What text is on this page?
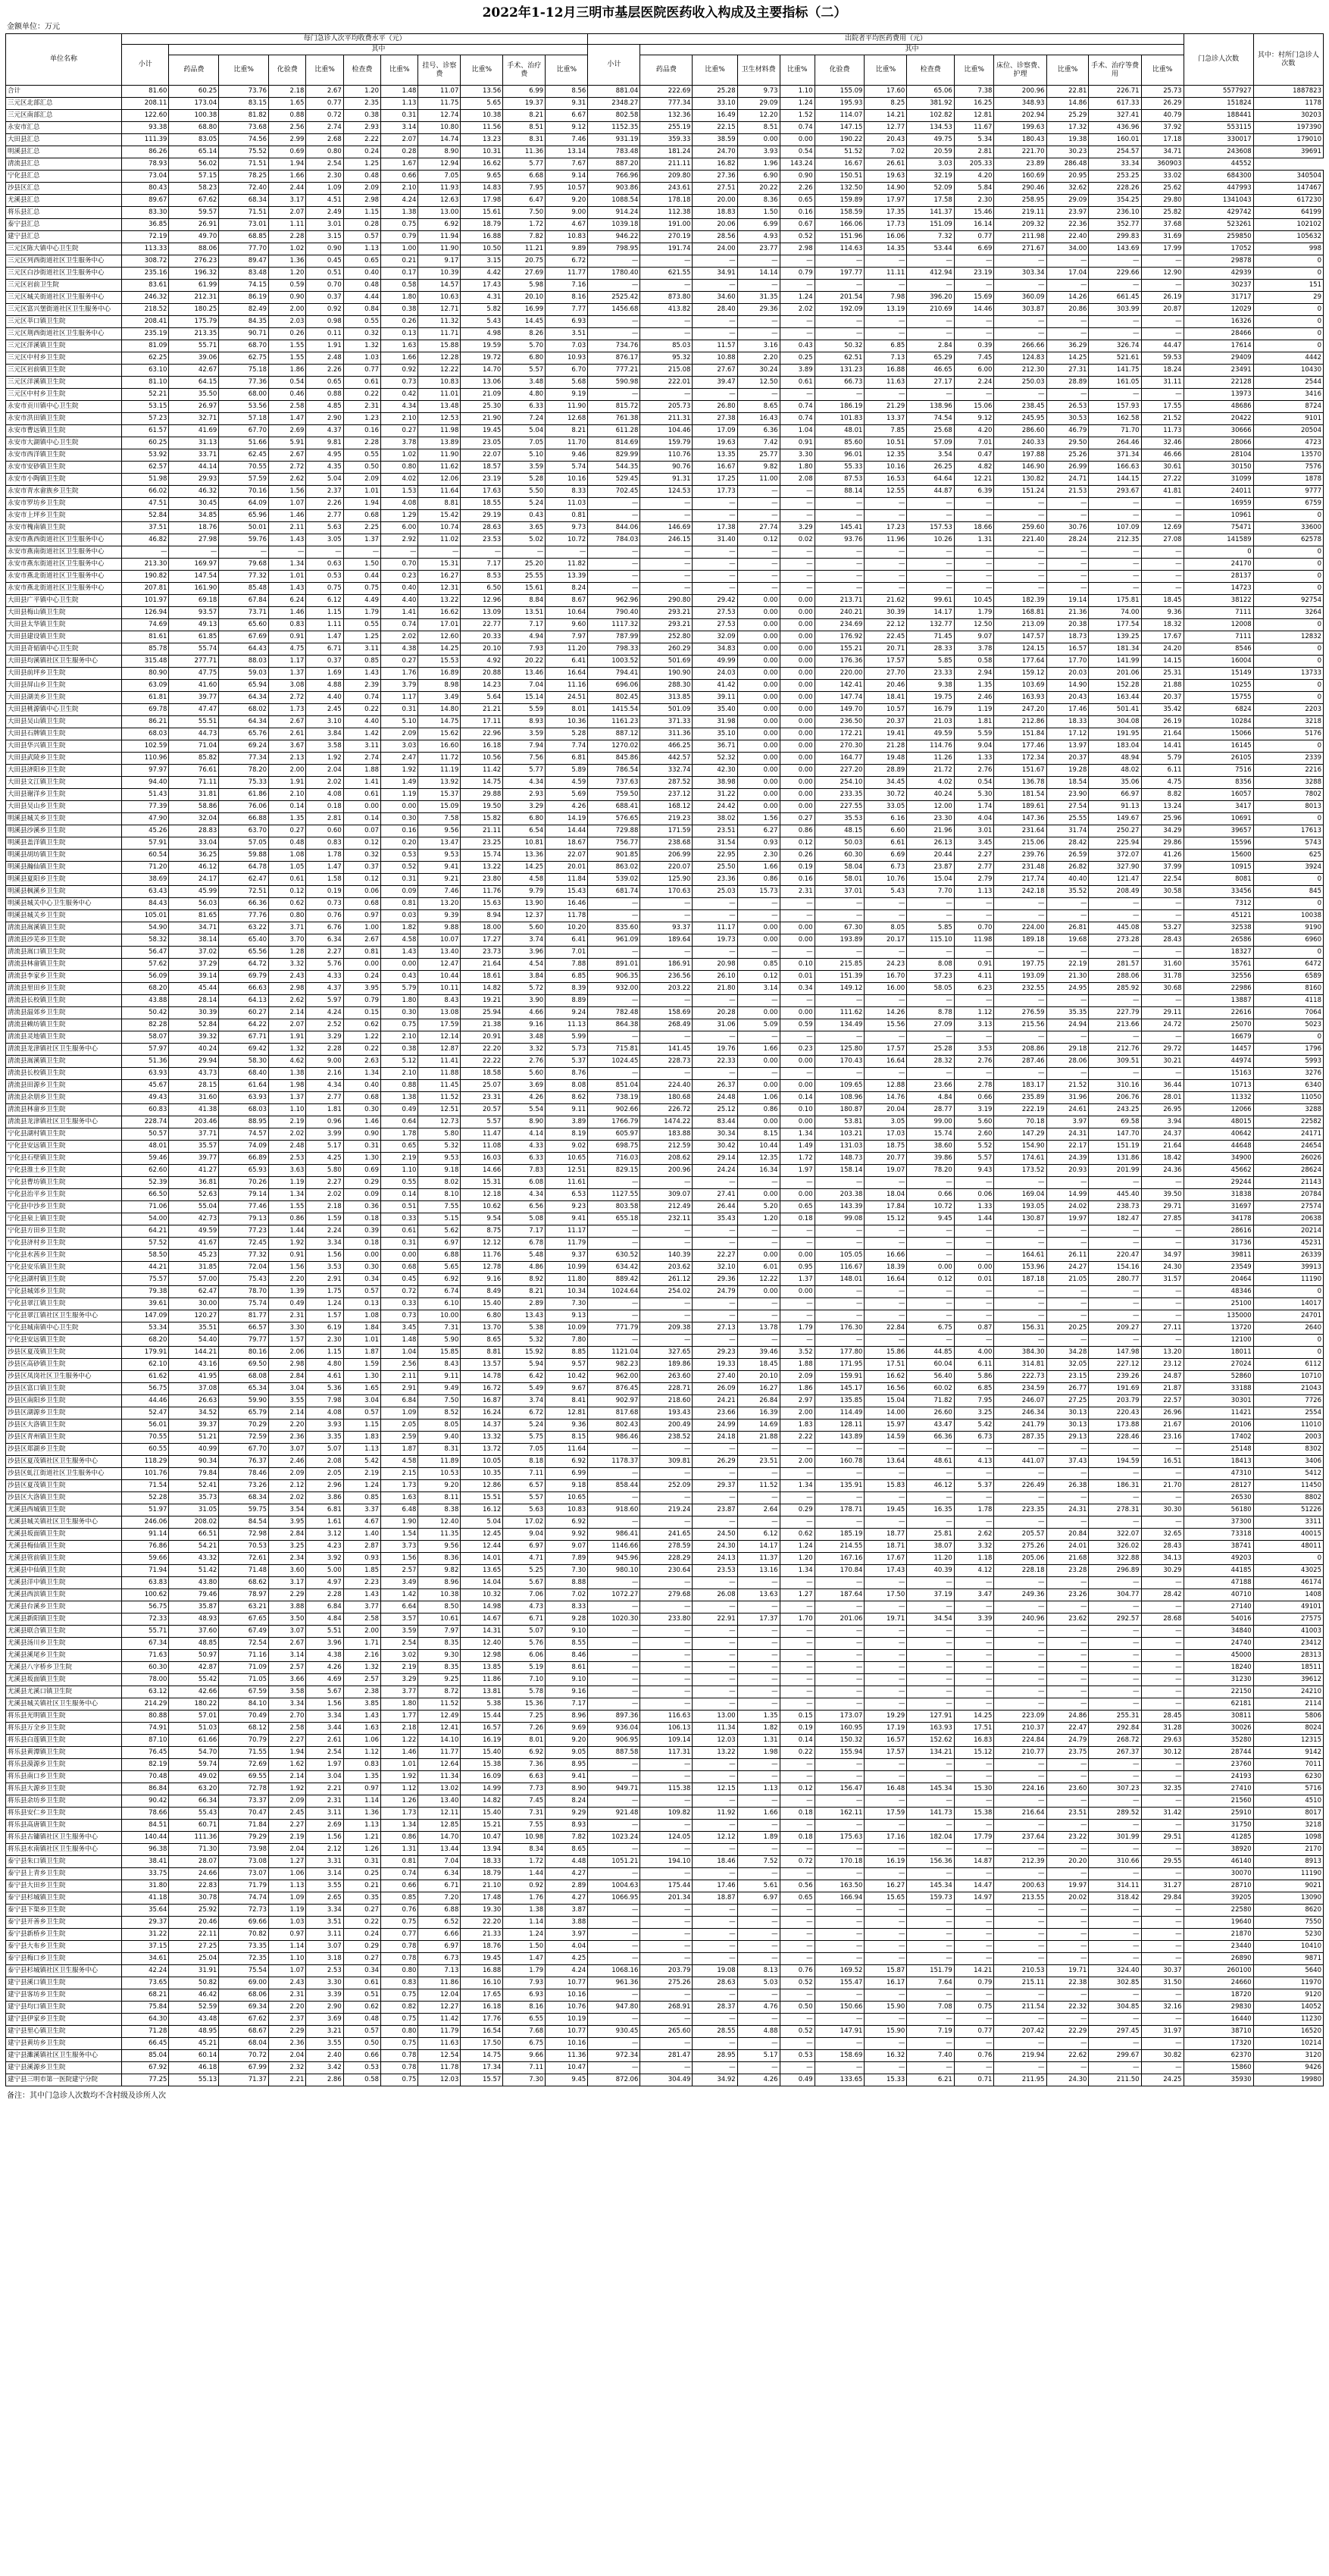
2022年1-12月三明市基层医院医药收入构成及主要指标（二）
金额单位：万元
单位名称	每门急诊人次平均收费水平（元）											出院者平均医药费用（元）													门急诊人次数	其中：村所门急诊人次数
	小计	其中										小计	其中													
		药品费	比重%	化验费	比重%	检查费	比重%	挂号、诊察费	比重%	手术、治疗费	比重%		药品费	比重%	卫生材料费	比重%	化验费	比重%	检查费	比重%	床位、诊察费、护理	比重%	手术、治疗等费用	比重%		
合计	81.60	60.25	73.76	2.18	2.67	1.20	1.48	11.07	13.56	6.99	8.56	881.04	222.69	25.28	9.73	1.10	155.09	17.60	65.06	7.38	200.96	22.81	226.71	25.73	5577927	1887823
三元区北部汇总	208.11	173.04	83.15	1.65	0.77	2.35	1.13	11.75	5.65	19.37	9.31	2348.27	777.34	33.10	29.09	1.24	195.93	8.25	381.92	16.25	348.93	14.86	617.33	26.29	151824	1178
三元区南部汇总	122.60	100.38	81.82	0.88	0.72	0.38	0.31	12.74	10.38	8.21	6.67	802.58	132.36	16.49	12.20	1.52	114.07	14.21	102.82	12.81	202.94	25.29	327.41	40.79	188441	30203
永安市汇总	93.38	68.80	73.68	2.56	2.74	2.93	3.14	10.80	11.56	8.51	9.12	1152.35	255.19	22.15	8.51	0.74	147.15	12.77	134.53	11.67	199.63	17.32	436.96	37.92	553115	197390
大田县汇总	111.39	83.05	74.56	2.99	2.68	2.22	2.07	14.74	13.23	8.31	7.46	931.19	359.33	38.59	0.00	0.00	190.22	20.43	49.75	5.34	180.43	19.38	160.01	17.18	330017	179010
明溪县汇总	86.26	65.14	75.52	0.69	0.80	0.24	0.28	8.90	10.31	11.36	13.14	783.48	181.24	24.70	3.93	0.54	51.52	7.02	20.59	2.81	221.70	30.23	254.57	34.71	243608	39691
清流县汇总	78.93	56.02	71.51	1.94	2.54	1.25	1.67	12.94	16.62	5.77	7.67	887.20	211.11	16.82	1.96	143.24	16.67	26.61	3.03	205.33	23.89	286.48	33.34	360903	44552	
宁化县汇总	73.04	57.15	78.25	1.66	2.30	0.48	0.66	7.05	9.65	6.68	9.14	766.96	209.80	27.36	6.90	0.90	150.51	19.63	32.19	4.20	160.69	20.95	253.25	33.02	684300	340504
沙县区汇总	80.43	58.23	72.40	2.44	1.09	2.09	2.10	11.93	14.83	7.95	10.57	903.86	243.61	27.51	20.22	2.26	132.50	14.90	52.09	5.84	290.46	32.62	228.26	25.62	447993	147467
尤溪县汇总	89.67	67.62	68.34	3.17	4.51	2.98	4.24	12.63	17.98	6.47	9.20	1088.54	178.18	20.00	8.36	0.65	159.89	17.97	17.58	2.30	258.95	29.09	354.25	29.80	1341043	617230
将乐县汇总	83.30	59.57	71.51	2.07	2.49	1.15	1.38	13.00	15.61	7.50	9.00	914.24	112.38	18.83	1.50	0.16	158.59	17.35	141.37	15.46	219.11	23.97	236.10	25.82	429742	64199
泰宁县汇总	36.85	26.91	73.01	1.11	3.01	0.28	0.75	6.92	18.79	1.72	4.67	1039.18	191.00	20.06	6.99	0.67	166.06	17.73	151.09	16.14	209.32	22.36	352.77	37.68	523261	102102
建宁县汇总	72.19	49.70	68.85	2.28	3.15	0.57	0.79	11.94	16.88	7.82	10.83	946.22	270.19	28.56	4.93	0.52	151.96	16.06	7.32	0.77	211.98	22.40	299.83	31.69	259850	105632
三元区陈大镇中心卫生院	113.33	88.06	77.70	1.02	0.90	1.13	1.00	11.90	10.50	11.21	9.89	798.95	191.74	24.00	23.77	2.98	114.63	14.35	53.44	6.69	271.67	34.00	143.69	17.99	17052	998
三元区列西街道社区卫生服务中心	308.72	276.23	89.47	1.36	0.45	0.65	0.21	9.17	3.15	20.75	6.72	—	—	—	—	—	—	—	—	—	—	—	—	—	29878	0
三元区白沙街道社区卫生服务中心	235.16	196.32	83.48	1.20	0.51	0.40	0.17	10.39	4.42	27.69	11.77	1780.40	621.55	34.91	14.14	0.79	197.77	11.11	412.94	23.19	303.34	17.04	229.66	12.90	42939	0
三元区岩前卫生院	83.61	61.99	74.15	0.59	0.70	0.48	0.58	14.57	17.43	5.98	7.16	—	—	—	—	—	—	—	—	—	—	—	—	—	30237	151
三元区城关街道社区卫生服务中心	246.32	212.31	86.19	0.90	0.37	4.44	1.80	10.63	4.31	20.10	8.16	2525.42	873.80	34.60	31.35	1.24	201.54	7.98	396.20	15.69	360.09	14.26	661.45	26.19	31717	29
三元区富兴堡街道社区卫生服务中心	218.52	180.25	82.49	2.00	0.92	0.84	0.38	12.71	5.82	16.99	7.77	1456.68	413.82	28.40	29.36	2.02	192.09	13.19	210.69	14.46	303.87	20.86	303.99	20.87	12029	0
三元区莘口镇卫生院	208.41	175.79	84.35	2.03	0.98	0.55	0.26	11.32	5.43	14.45	6.93	—	—	—	—	—	—	—	—	—	—	—	—	—	16326	0
三元区荆西街道社区卫生服务中心	235.19	213.35	90.71	0.26	0.11	0.32	0.13	11.71	4.98	8.26	3.51	—	—	—	—	—	—	—	—	—	—	—	—	—	28466	0
三元区洋溪镇卫生院	81.09	55.71	68.70	1.55	1.91	1.32	1.63	15.88	19.59	5.70	7.03	734.76	85.03	11.57	3.16	0.43	50.32	6.85	2.84	0.39	266.66	36.29	326.74	44.47	17614	0
三元区中村乡卫生院	62.25	39.06	62.75	1.55	2.48	1.03	1.66	12.28	19.72	6.80	10.93	876.17	95.32	10.88	2.20	0.25	62.51	7.13	65.29	7.45	124.83	14.25	521.61	59.53	29409	4442
三元区岩前镇卫生院	63.10	42.67	75.18	1.86	2.26	0.77	0.92	12.22	14.70	5.57	6.70	777.21	215.08	27.67	30.24	3.89	131.23	16.88	46.65	6.00	212.30	27.31	141.75	18.24	23491	10430
三元区洋溪镇卫生院	81.10	64.15	77.36	0.54	0.65	0.61	0.73	10.83	13.06	3.48	5.68	590.98	222.01	39.47	12.50	0.61	66.73	11.63	27.17	2.24	250.03	28.89	161.05	31.11	22128	2544
三元区中村乡卫生院	52.21	35.50	68.00	0.46	0.88	0.22	0.42	11.01	21.09	4.80	9.19	—	—	—	—	—	—	—	—	—	—	—	—	—	13973	3416
永安市贡川镇中心卫生院	53.15	26.97	53.56	2.58	4.85	2.31	4.34	13.48	25.30	6.33	11.90	815.72	205.73	26.80	8.65	0.74	186.19	21.29	138.96	15.06	238.45	26.53	157.93	17.55	48686	8724
永安市洪田镇卫生院	57.23	32.71	57.18	1.47	2.90	1.23	2.10	12.53	21.90	7.24	12.68	761.38	211.31	27.38	16.43	0.74	101.83	13.37	74.54	9.12	245.95	30.53	162.58	21.52	20422	9101
永安市曹远镇卫生院	61.57	41.69	67.70	2.69	4.37	0.16	0.27	11.98	19.45	5.04	8.21	611.28	104.46	17.09	6.36	1.04	48.01	7.85	25.68	4.20	286.60	46.79	71.70	11.73	30666	20504
永安市大湖镇中心卫生院	60.25	31.13	51.66	5.91	9.81	2.28	3.78	13.89	23.05	7.05	11.70	814.69	159.79	19.63	7.42	0.91	85.60	10.51	57.09	7.01	240.33	29.50	264.46	32.46	28066	4723
永安市西洋镇卫生院	53.92	33.71	62.45	2.67	4.95	0.55	1.02	11.90	22.07	5.10	9.46	829.99	110.76	13.35	25.77	3.30	96.01	12.35	3.54	0.47	197.88	25.26	371.34	46.66	28104	13570
永安市安砂镇卫生院	62.57	44.14	70.55	2.72	4.35	0.50	0.80	11.62	18.57	3.59	5.74	544.35	90.76	16.67	9.82	1.80	55.33	10.16	26.25	4.82	146.90	26.99	166.63	30.61	30150	7576
永安市小陶镇卫生院	51.98	29.93	57.59	2.62	5.04	2.09	4.02	12.06	23.19	5.28	10.16	529.45	91.31	17.25	11.00	2.08	87.53	16.53	64.64	12.21	130.82	24.71	144.15	27.22	31099	1878
永安市青水畲族乡卫生院	66.02	46.32	70.16	1.56	2.37	1.01	1.53	11.64	17.63	5.50	8.33	702.45	124.53	17.73	—	—	88.14	12.55	44.87	6.39	151.24	21.53	293.67	41.81	24011	9777
永安市罗坊乡卫生院	47.51	30.45	64.09	1.07	2.26	1.94	4.08	8.81	18.55	5.24	11.03	—	—	—	—	—	—	—	—	—	—	—	—	—	16959	6759
永安市上坪乡卫生院	52.84	34.85	65.96	1.46	2.77	0.68	1.29	15.42	29.19	0.43	0.81	—	—	—	—	—	—	—	—	—	—	—	—	—	10961	0
永安市槐南镇卫生院	37.51	18.76	50.01	2.11	5.63	2.25	6.00	10.74	28.63	3.65	9.73	844.06	146.69	17.38	27.74	3.29	145.41	17.23	157.53	18.66	259.60	30.76	107.09	12.69	75471	33600
永安市燕西街道社区卫生服务中心	46.82	27.98	59.76	1.43	3.05	1.37	2.92	11.02	23.53	5.02	10.72	784.03	246.15	31.40	0.12	0.02	93.76	11.96	10.26	1.31	221.40	28.24	212.35	27.08	141589	62578
永安市燕南街道社区卫生服务中心	—	—	—	—	—	—	—	—	—	—	—	—	—	—	—	—	—	—	—	—	—	—	—	—	0	0
永安市燕东街道社区卫生服务中心	213.30	169.97	79.68	1.34	0.63	1.50	0.70	15.31	7.17	25.20	11.82	—	—	—	—	—	—	—	—	—	—	—	—	—	24170	0
永安市燕北街道社区卫生服务中心	190.82	147.54	77.32	1.01	0.53	0.44	0.23	16.27	8.53	25.55	13.39	—	—	—	—	—	—	—	—	—	—	—	—	—	28137	0
永安市燕北街道社区卫生服务中心	207.81	161.90	85.48	1.43	0.75	0.75	0.40	12.31	6.50	15.61	8.24	—	—	—	—	—	—	—	—	—	—	—	—	—	14723	0
大田县广平镇中心卫生院	101.97	69.18	67.84	6.24	6.12	4.49	4.40	13.22	12.96	8.84	8.67	962.96	290.80	29.42	0.00	0.00	213.71	21.62	99.61	10.45	182.39	19.14	175.81	18.45	38122	92754
大田县梅山镇卫生院	126.94	93.57	73.71	1.46	1.15	1.79	1.41	16.62	13.09	13.51	10.64	790.40	293.21	27.53	0.00	0.00	240.21	30.39	14.17	1.79	168.81	21.36	74.00	9.36	7111	3264
大田县太华镇卫生院	74.69	49.13	65.60	0.83	1.11	0.55	0.74	17.01	22.77	7.17	9.60	1117.32	293.21	27.53	0.00	0.00	234.69	22.12	132.77	12.50	213.09	20.38	177.54	18.32	12008	0
大田县建设镇卫生院	81.61	61.85	67.69	0.91	1.47	1.25	2.02	12.60	20.33	4.94	7.97	787.99	252.80	32.09	0.00	0.00	176.92	22.45	71.45	9.07	147.57	18.73	139.25	17.67	7111	12832
大田县奇韬镇中心卫生院	85.78	55.74	64.43	4.75	6.71	3.11	4.38	14.25	20.10	7.93	11.20	798.33	260.29	34.83	0.00	0.00	155.21	20.71	28.33	3.78	124.15	16.57	181.34	24.20	8546	0
大田县均溪镇社区卫生服务中心	315.48	277.71	88.03	1.17	0.37	0.85	0.27	15.53	4.92	20.22	6.41	1003.52	501.69	49.99	0.00	0.00	176.36	17.57	5.85	0.58	177.64	17.70	141.99	14.15	16004	0
大田县前坪乡卫生院	80.90	47.75	59.03	1.37	1.69	1.43	1.76	16.89	20.88	13.46	16.64	794.41	190.90	24.03	0.00	0.00	220.00	27.70	23.33	2.94	159.12	20.03	201.06	25.31	15149	13733
大田县屏山乡卫生院	63.09	41.60	65.94	3.08	4.88	2.39	3.79	8.98	14.23	7.04	11.16	696.06	288.30	41.42	0.00	0.00	142.41	20.46	9.38	1.35	103.69	14.90	152.28	21.88	10255	0
大田县湖美乡卫生院	61.81	39.77	64.34	2.72	4.40	0.74	1.17	3.49	5.64	15.14	24.51	802.45	313.85	39.11	0.00	0.00	147.74	18.41	19.75	2.46	163.93	20.43	163.44	20.37	15755	0
大田县桃源镇中心卫生院	69.78	47.47	68.02	1.73	2.45	0.22	0.31	14.80	21.21	5.59	8.01	1415.54	501.09	35.40	0.00	0.00	149.70	10.57	16.79	1.19	247.20	17.46	501.41	35.42	6824	2203
大田县吴山镇卫生院	86.21	55.51	64.34	2.67	3.10	4.40	5.10	14.75	17.11	8.93	10.36	1161.23	371.33	31.98	0.00	0.00	236.50	20.37	21.03	1.81	212.86	18.33	304.08	26.19	10284	3218
大田县石牌镇卫生院	68.03	44.73	65.76	2.61	3.84	1.42	2.09	15.62	22.96	3.59	5.28	887.12	311.36	35.10	0.00	0.00	172.21	19.41	49.59	5.59	151.84	17.12	191.95	21.64	15066	5176
大田县华兴镇卫生院	102.59	71.04	69.24	3.67	3.58	3.11	3.03	16.60	16.18	7.94	7.74	1270.02	466.25	36.71	0.00	0.00	270.30	21.28	114.76	9.04	177.46	13.97	183.04	14.41	16145	0
大田县武陵乡卫生院	110.96	85.82	77.34	2.13	1.92	2.74	2.47	11.72	10.56	7.56	6.81	845.86	442.57	52.32	0.00	0.00	164.77	19.48	11.26	1.33	172.34	20.37	48.94	5.79	26105	2339
大田县济阳乡卫生院	97.97	76.61	78.20	2.00	2.04	1.88	1.92	11.19	11.42	5.77	5.89	786.54	332.74	42.30	0.00	0.00	227.20	28.89	21.72	2.76	151.67	19.28	48.02	6.11	7516	2216
大田县文江镇卫生院	94.40	71.11	75.33	1.91	2.02	1.41	1.49	13.92	14.75	4.34	4.59	737.63	287.52	38.98	0.00	0.00	254.10	34.45	4.02	0.54	136.78	18.54	35.06	4.75	8356	3288
大田县谢洋乡卫生院	51.43	31.81	61.86	2.10	4.08	0.61	1.19	15.37	29.88	2.93	5.69	759.50	237.12	31.22	0.00	0.00	233.35	30.72	40.24	5.30	181.54	23.90	66.97	8.82	16057	7802
大田县吴山乡卫生院	77.39	58.86	76.06	0.14	0.18	0.00	0.00	15.09	19.50	3.29	4.26	688.41	168.12	24.42	0.00	0.00	227.55	33.05	12.00	1.74	189.61	27.54	91.13	13.24	3417	8013
明溪县城关乡卫生院	47.90	32.04	66.88	1.35	2.81	0.14	0.30	7.58	15.82	6.80	14.19	576.65	219.23	38.02	1.56	0.27	35.53	6.16	23.30	4.04	147.36	25.55	149.67	25.96	10691	0
明溪县沙溪乡卫生院	45.26	28.83	63.70	0.27	0.60	0.07	0.16	9.56	21.11	6.54	14.44	729.88	171.59	23.51	6.27	0.86	48.15	6.60	21.96	3.01	231.64	31.74	250.27	34.29	39657	17613
明溪县盖洋镇卫生院	57.91	33.04	57.05	0.48	0.83	0.12	0.20	13.47	23.25	10.81	18.67	756.77	238.68	31.54	0.93	0.12	50.03	6.61	26.13	3.45	215.06	28.42	225.94	29.86	15596	5743
明溪县胡坊镇卫生院	60.54	36.25	59.88	1.08	1.78	0.32	0.53	9.53	15.74	13.36	22.07	901.85	206.99	22.95	2.30	0.26	60.30	6.69	20.44	2.27	239.76	26.59	372.07	41.26	15600	625
明溪县瀚仙镇卫生院	71.20	46.12	64.78	1.05	1.47	0.37	0.52	9.41	13.22	14.25	20.01	863.02	220.07	25.50	1.66	0.19	58.04	6.73	23.87	2.77	231.48	26.82	327.90	37.99	10915	3924
明溪县夏阳乡卫生院	38.69	24.17	62.47	0.61	1.58	0.12	0.31	9.21	23.80	4.58	11.84	539.02	125.90	23.36	0.86	0.16	58.01	10.76	15.04	2.79	217.74	40.40	121.47	22.54	8081	0
明溪县枫溪乡卫生院	63.43	45.99	72.51	0.12	0.19	0.06	0.09	7.46	11.76	9.79	15.43	681.74	170.63	25.03	15.73	2.31	37.01	5.43	7.70	1.13	242.18	35.52	208.49	30.58	33456	845
明溪县城关中心卫生服务中心	84.43	56.03	66.36	0.62	0.73	0.68	0.81	13.20	15.63	13.90	16.46	—	—	—	—	—	—	—	—	—	—	—	—	—	7312	0
明溪县城关乡卫生院	105.01	81.65	77.76	0.80	0.76	0.97	0.03	9.39	8.94	12.37	11.78	—	—	—	—	—	—	—	—	—	—	—	—	—	45121	10038
清流县嵩溪镇卫生院	54.90	34.71	63.22	3.71	6.76	1.00	1.82	9.88	18.00	5.60	10.20	835.60	93.37	11.17	0.00	0.00	67.30	8.05	5.85	0.70	224.00	26.81	445.08	53.27	32538	9190
清流县沙芜乡卫生院	58.32	38.14	65.40	3.70	6.34	2.67	4.58	10.07	17.27	3.74	6.41	961.09	189.64	19.73	0.00	0.00	193.89	20.17	115.10	11.98	189.18	19.68	273.28	28.43	26586	6960
清流县嵩口镇卫生院	56.47	37.02	65.56	1.28	2.27	0.81	1.43	13.40	23.73	3.96	7.01	—	—	—	—	—	—	—	—	—	—	—	—	—	18327	0
清流县林畲镇卫生院	57.62	37.29	64.72	3.32	5.76	0.00	0.00	12.47	21.64	4.54	7.88	891.01	186.91	20.98	0.85	0.10	215.85	24.23	8.08	0.91	197.75	22.19	281.57	31.60	35761	6472
清流县李家乡卫生院	56.09	39.14	69.79	2.43	4.33	0.24	0.43	10.44	18.61	3.84	6.85	906.35	236.56	26.10	0.12	0.01	151.39	16.70	37.23	4.11	193.09	21.30	288.06	31.78	32556	6589
清流县里田乡卫生院	68.20	45.44	66.63	2.98	4.37	3.95	5.79	10.11	14.82	5.72	8.39	932.00	203.22	21.80	3.14	0.34	149.12	16.00	58.05	6.23	232.55	24.95	285.92	30.68	22986	8160
清流县长校镇卫生院	43.88	28.14	64.13	2.62	5.97	0.79	1.80	8.43	19.21	3.90	8.89	—	—	—	—	—	—	—	—	—	—	—	—	—	13887	4118
清流县温郊乡卫生院	50.42	30.39	60.27	2.14	4.24	0.15	0.30	13.08	25.94	4.66	9.24	782.48	158.69	20.28	0.00	0.00	111.62	14.26	8.78	1.12	276.59	35.35	227.79	29.11	22616	7064
清流县赖坊镇卫生院	82.28	52.84	64.22	2.07	2.52	0.62	0.75	17.59	21.38	9.16	11.13	864.38	268.49	31.06	5.09	0.59	134.49	15.56	27.09	3.13	215.56	24.94	213.66	24.72	25070	5023
清流县灵地镇卫生院	58.07	39.32	67.71	1.91	3.29	1.22	2.10	12.14	20.91	3.48	5.99	—	—	—	—	—	—	—	—	—	—	—	—	—	16679	0
清流县龙津镇社区卫生服务中心	57.97	40.24	69.42	1.32	2.28	0.22	0.38	12.87	22.20	3.32	5.73	715.81	141.45	19.76	1.66	0.23	125.80	17.57	25.28	3.53	208.86	29.18	212.76	29.72	14457	1796
清流县嵩溪镇卫生院	51.36	29.94	58.30	4.62	9.00	2.63	5.12	11.41	22.22	2.76	5.37	1024.45	228.73	22.33	0.00	0.00	170.43	16.64	28.32	2.76	287.46	28.06	309.51	30.21	44974	5993
清流县长校镇卫生院	63.93	43.73	68.40	1.38	2.16	1.34	2.10	11.88	18.58	5.60	8.76	—	—	—	—	—	—	—	—	—	—	—	—	—	15163	3276
清流县田源乡卫生院	45.67	28.15	61.64	1.98	4.34	0.40	0.88	11.45	25.07	3.69	8.08	851.04	224.40	26.37	0.00	0.00	109.65	12.88	23.66	2.78	183.17	21.52	310.16	36.44	10713	6340
清流县余朋乡卫生院	49.43	31.60	63.93	1.37	2.77	0.68	1.38	11.52	23.31	4.26	8.62	738.19	180.68	24.48	1.06	0.14	108.96	14.76	4.84	0.66	235.89	31.96	206.76	28.01	11332	11050
清流县林畲乡卫生院	60.83	41.38	68.03	1.10	1.81	0.30	0.49	12.51	20.57	5.54	9.11	902.66	226.72	25.12	0.86	0.10	180.87	20.04	28.77	3.19	222.19	24.61	243.25	26.95	12066	3288
清流县龙津镇社区卫生服务中心	228.74	203.46	88.95	2.19	0.96	1.46	0.64	12.73	5.57	8.90	3.89	1766.79	1474.22	83.44	0.00	0.00	53.81	3.05	99.00	5.60	70.18	3.97	69.58	3.94	48015	22582
宁化县湖村镇卫生院	50.57	37.71	74.57	2.02	3.99	0.90	1.78	5.80	11.47	4.14	8.19	605.97	183.88	30.34	8.15	1.34	103.21	17.03	15.74	2.60	147.29	24.31	147.70	24.37	40642	24171
宁化县安远镇卫生院	48.01	35.57	74.09	2.48	5.17	0.31	0.65	5.32	11.08	4.33	9.02	698.75	212.59	30.42	10.44	1.49	131.03	18.75	38.60	5.52	154.90	22.17	151.19	21.64	44648	24654
宁化县石壁镇卫生院	59.46	39.77	66.89	2.53	4.25	1.30	2.19	9.53	16.03	6.33	10.65	716.03	208.62	29.14	12.35	1.72	148.73	20.77	39.86	5.57	174.61	24.39	131.86	18.42	34900	26026
宁化县淮土乡卫生院	62.60	41.27	65.93	3.63	5.80	0.69	1.10	9.18	14.66	7.83	12.51	829.15	200.96	24.24	16.34	1.97	158.14	19.07	78.20	9.43	173.52	20.93	201.99	24.36	45662	28624
宁化县曹坊镇卫生院	52.39	36.81	70.26	1.19	2.27	0.29	0.55	8.02	15.31	6.08	11.61	—	—	—	—	—	—	—	—	—	—	—	—	—	29244	21143
宁化县治平乡卫生院	66.50	52.63	79.14	1.34	2.02	0.09	0.14	8.10	12.18	4.34	6.53	1127.55	309.07	27.41	0.00	0.00	203.38	18.04	0.66	0.06	169.04	14.99	445.40	39.50	31838	20784
宁化县中沙乡卫生院	71.06	55.04	77.46	1.55	2.18	0.36	0.51	7.55	10.62	6.56	9.23	803.58	212.49	26.44	5.20	0.65	143.39	17.84	10.72	1.33	193.05	24.02	238.73	29.71	31697	27574
宁化县泉上镇卫生院	54.00	42.73	79.13	0.86	1.59	0.18	0.33	5.15	9.54	5.08	9.41	655.18	232.11	35.43	1.20	0.18	99.08	15.12	9.45	1.44	130.87	19.97	182.47	27.85	34178	20638
宁化县方田乡卫生院	64.21	49.59	77.23	1.44	2.24	0.39	0.61	5.62	8.75	7.17	11.17	—	—	—	—	—	—	—	—	—	—	—	—	—	28616	20214
宁化县济村乡卫生院	57.52	41.67	72.45	1.92	3.34	0.18	0.31	6.97	12.12	6.78	11.79	—	—	—	—	—	—	—	—	—	—	—	—	—	31736	45231
宁化县水茜乡卫生院	58.50	45.23	77.32	0.91	1.56	0.00	0.00	6.88	11.76	5.48	9.37	630.52	140.39	22.27	0.00	0.00	105.05	16.66	—	—	164.61	26.11	220.47	34.97	39811	26339
宁化县安乐镇卫生院	44.21	31.85	72.04	1.56	3.53	0.30	0.68	5.65	12.78	4.86	10.99	634.42	203.62	32.10	6.01	0.95	116.67	18.39	0.00	0.00	153.96	24.27	154.16	24.30	23549	39913
宁化县湖村镇卫生院	75.57	57.00	75.43	2.20	2.91	0.34	0.45	6.92	9.16	8.92	11.80	889.42	261.12	29.36	12.22	1.37	148.01	16.64	0.12	0.01	187.18	21.05	280.77	31.57	20464	11190
宁化县城郊乡卫生院	79.38	62.47	78.70	1.39	1.75	0.57	0.72	6.74	8.49	8.21	10.34	1024.64	254.02	24.79	0.00	0.00	—	—	—	—	—	—	—	—	48346	0
宁化县翠江镇卫生院	39.61	30.00	75.74	0.49	1.24	0.13	0.33	6.10	15.40	2.89	7.30	—	—	—	—	—	—	—	—	—	—	—	—	—	25100	14017
宁化县翠江镇社区卫生服务中心	147.09	120.27	81.77	2.31	1.57	1.08	0.73	10.00	6.80	13.43	9.13	—	—	—	—	—	—	—	—	—	—	—	—	—	135000	24701
宁化县城南镇中心卫生院	53.34	35.51	66.57	3.30	6.19	1.84	3.45	7.31	13.70	5.38	10.09	771.79	209.38	27.13	13.78	1.79	176.30	22.84	6.75	0.87	156.31	20.25	209.27	27.11	13720	2640
宁化县安远镇卫生院	68.20	54.40	79.77	1.57	2.30	1.01	1.48	5.90	8.65	5.32	7.80	—	—	—	—	—	—	—	—	—	—	—	—	—	12100	0
沙县区夏茂镇卫生院	179.91	144.21	80.16	2.06	1.15	1.87	1.04	15.85	8.81	15.92	8.85	1121.04	327.65	29.23	39.46	3.52	177.80	15.86	44.85	4.00	384.30	34.28	147.98	13.20	18011	0
沙县区高砂镇卫生院	62.10	43.16	69.50	2.98	4.80	1.59	2.56	8.43	13.57	5.94	9.57	982.23	189.86	19.33	18.45	1.88	171.95	17.51	60.04	6.11	314.81	32.05	227.12	23.12	27024	6112
沙县区凤岗社区卫生服务中心	61.62	41.95	68.08	2.84	4.61	1.30	2.11	9.11	14.78	6.42	10.42	962.00	263.60	27.40	20.10	2.09	159.91	16.62	56.40	5.86	222.73	23.15	239.26	24.87	52860	10710
沙县区富口镇卫生院	56.75	37.08	65.34	3.04	5.36	1.65	2.91	9.49	16.72	5.49	9.67	876.45	228.71	26.09	16.27	1.86	145.17	16.56	60.02	6.85	234.59	26.77	191.69	21.87	33188	21043
沙县区南阳乡卫生院	44.46	26.63	59.90	3.55	7.98	3.04	6.84	7.50	16.87	3.74	8.41	902.97	218.60	24.21	26.84	2.97	135.85	15.04	71.82	7.95	246.07	27.25	203.79	22.57	30301	7726
沙县区湖源乡卫生院	52.47	34.52	65.79	2.14	4.08	0.57	1.09	8.52	16.24	6.72	12.81	817.68	193.43	23.66	16.39	2.00	114.49	14.00	26.60	3.25	246.34	30.13	220.43	26.96	11421	2554
沙县区大洛镇卫生院	56.01	39.37	70.29	2.20	3.93	1.15	2.05	8.05	14.37	5.24	9.36	802.43	200.49	24.99	14.69	1.83	128.11	15.97	43.47	5.42	241.79	30.13	173.88	21.67	20106	11010
沙县区青州镇卫生院	70.55	51.21	72.59	2.36	3.35	1.83	2.59	9.40	13.32	5.75	8.15	986.46	238.52	24.18	21.88	2.22	143.89	14.59	66.36	6.73	287.35	29.13	228.46	23.16	17402	2003
沙县区郑湖乡卫生院	60.55	40.99	67.70	3.07	5.07	1.13	1.87	8.31	13.72	7.05	11.64	—	—	—	—	—	—	—	—	—	—	—	—	—	25148	8302
沙县区夏茂镇社区卫生服务中心	118.29	90.34	76.37	2.46	2.08	5.42	4.58	11.89	10.05	8.18	6.92	1178.37	309.81	26.29	23.51	2.00	160.78	13.64	48.61	4.13	441.07	37.43	194.59	16.51	18413	3406
沙县区虬江街道社区卫生服务中心	101.76	79.84	78.46	2.09	2.05	2.19	2.15	10.53	10.35	7.11	6.99	—	—	—	—	—	—	—	—	—	—	—	—	—	47310	5412
沙县区夏茂镇卫生院	71.54	52.41	73.26	2.12	2.96	1.24	1.73	9.20	12.86	6.57	9.18	858.44	252.09	29.37	11.52	1.34	135.91	15.83	46.12	5.37	226.49	26.38	186.31	21.70	28127	11450
沙县区大洛镇卫生院	52.28	35.73	68.34	2.02	3.86	0.85	1.63	8.11	15.51	5.57	10.65	—	—	—	—	—	—	—	—	—	—	—	—	—	26530	8802
尤溪县西城镇卫生院	51.97	31.05	59.75	3.54	6.81	3.37	6.48	8.38	16.12	5.63	10.83	918.60	219.24	23.87	2.64	0.29	178.71	19.45	16.35	1.78	223.35	24.31	278.31	30.30	56180	51226
尤溪县城关镇社区卫生服务中心	246.06	208.02	84.54	3.95	1.61	4.67	1.90	12.40	5.04	17.02	6.92	—	—	—	—	—	—	—	—	—	—	—	—	—	37300	3311
尤溪县坂面镇卫生院	91.14	66.51	72.98	2.84	3.12	1.40	1.54	11.35	12.45	9.04	9.92	986.41	241.65	24.50	6.12	0.62	185.19	18.77	25.81	2.62	205.57	20.84	322.07	32.65	73318	40015
尤溪县梅仙镇卫生院	76.86	54.21	70.53	3.25	4.23	2.87	3.73	9.56	12.44	6.97	9.07	1146.66	278.59	24.30	14.17	1.24	214.55	18.71	38.07	3.32	275.26	24.01	326.02	28.43	38741	48011
尤溪县管前镇卫生院	59.66	43.32	72.61	2.34	3.92	0.93	1.56	8.36	14.01	4.71	7.89	945.96	228.29	24.13	11.37	1.20	167.16	17.67	11.20	1.18	205.06	21.68	322.88	34.13	49203	0
尤溪县中仙镇卫生院	71.94	51.42	71.48	3.60	5.00	1.85	2.57	9.82	13.65	5.25	7.30	980.10	230.64	23.53	13.16	1.34	170.84	17.43	40.39	4.12	228.18	23.28	296.89	30.29	44185	43025
尤溪县洋中镇卫生院	63.83	43.80	68.62	3.17	4.97	2.23	3.49	8.96	14.04	5.67	8.88	—	—	—	—	—	—	—	—	—	—	—	—	—	47188	46174
尤溪县西滨镇卫生院	100.62	79.46	78.97	2.29	2.28	1.43	1.42	10.38	10.32	7.06	7.02	1072.27	279.68	26.08	13.63	1.27	187.64	17.50	37.19	3.47	249.36	23.26	304.77	28.42	40710	1408
尤溪县台溪乡卫生院	56.75	35.87	63.21	3.88	6.84	3.77	6.64	8.50	14.98	4.73	8.33	—	—	—	—	—	—	—	—	—	—	—	—	—	27140	49101
尤溪县新阳镇卫生院	72.33	48.93	67.65	3.50	4.84	2.58	3.57	10.61	14.67	6.71	9.28	1020.30	233.80	22.91	17.37	1.70	201.06	19.71	34.54	3.39	240.96	23.62	292.57	28.68	54016	27575
尤溪县联合镇卫生院	55.71	37.60	67.49	3.07	5.51	2.00	3.59	7.97	14.31	5.07	9.10	—	—	—	—	—	—	—	—	—	—	—	—	—	34840	41003
尤溪县汤川乡卫生院	67.34	48.85	72.54	2.67	3.96	1.71	2.54	8.35	12.40	5.76	8.55	—	—	—	—	—	—	—	—	—	—	—	—	—	24740	23412
尤溪县溪尾乡卫生院	71.63	50.97	71.16	3.14	4.38	2.16	3.02	9.30	12.98	6.06	8.46	—	—	—	—	—	—	—	—	—	—	—	—	—	45000	28313
尤溪县八字桥乡卫生院	60.30	42.87	71.09	2.57	4.26	1.32	2.19	8.35	13.85	5.19	8.61	—	—	—	—	—	—	—	—	—	—	—	—	—	18240	18511
尤溪县坂面镇卫生院	78.00	55.42	71.05	3.66	4.69	2.57	3.29	9.25	11.86	7.10	9.10	—	—	—	—	—	—	—	—	—	—	—	—	—	31230	39612
尤溪县尤溪口镇卫生院	63.12	42.66	67.59	3.58	5.67	2.38	3.77	8.72	13.81	5.78	9.16	—	—	—	—	—	—	—	—	—	—	—	—	—	22150	24210
尤溪县城关镇社区卫生服务中心	214.29	180.22	84.10	3.34	1.56	3.85	1.80	11.52	5.38	15.36	7.17	—	—	—	—	—	—	—	—	—	—	—	—	—	62181	2114
将乐县光明镇卫生院	80.88	57.01	70.49	2.70	3.34	1.43	1.77	12.49	15.44	7.25	8.96	897.36	116.63	13.00	1.35	0.15	173.07	19.29	127.91	14.25	223.09	24.86	255.31	28.45	30811	5806
将乐县万全乡卫生院	74.91	51.03	68.12	2.58	3.44	1.63	2.18	12.41	16.57	7.26	9.69	936.04	106.13	11.34	1.82	0.19	160.95	17.19	163.93	17.51	210.37	22.47	292.84	31.28	30026	8024
将乐县白莲镇卫生院	87.10	61.66	70.79	2.27	2.61	1.06	1.22	14.10	16.19	8.01	9.20	906.95	109.14	12.03	1.31	0.14	150.32	16.57	152.62	16.83	224.84	24.79	268.72	29.63	35280	12315
将乐县黄潭镇卫生院	76.45	54.70	71.55	1.94	2.54	1.12	1.46	11.77	15.40	6.92	9.05	887.58	117.31	13.22	1.98	0.22	155.94	17.57	134.21	15.12	210.77	23.75	267.37	30.12	28744	9142
将乐县漠源乡卫生院	82.19	59.74	72.69	1.62	1.97	0.83	1.01	12.64	15.38	7.36	8.95	—	—	—	—	—	—	—	—	—	—	—	—	—	23760	7011
将乐县南口乡卫生院	70.48	49.02	69.55	2.14	3.04	1.35	1.92	11.34	16.09	6.63	9.41	—	—	—	—	—	—	—	—	—	—	—	—	—	24193	6230
将乐县大源乡卫生院	86.84	63.20	72.78	1.92	2.21	0.97	1.12	13.02	14.99	7.73	8.90	949.71	115.38	12.15	1.13	0.12	156.47	16.48	145.34	15.30	224.16	23.60	307.23	32.35	27410	5716
将乐县余坊乡卫生院	90.42	66.34	73.37	2.09	2.31	1.14	1.26	13.40	14.82	7.45	8.24	—	—	—	—	—	—	—	—	—	—	—	—	—	21560	4510
将乐县安仁乡卫生院	78.66	55.43	70.47	2.45	3.11	1.36	1.73	12.11	15.40	7.31	9.29	921.48	109.82	11.92	1.66	0.18	162.11	17.59	141.73	15.38	216.64	23.51	289.52	31.42	25910	8017
将乐县高唐镇卫生院	84.51	60.71	71.84	2.27	2.69	1.13	1.34	12.85	15.21	7.55	8.93	—	—	—	—	—	—	—	—	—	—	—	—	—	31750	3218
将乐县古镛镇社区卫生服务中心	140.44	111.36	79.29	2.19	1.56	1.21	0.86	14.70	10.47	10.98	7.82	1023.24	124.05	12.12	1.89	0.18	175.63	17.16	182.04	17.79	237.64	23.22	301.99	29.51	41285	1098
将乐县水南镇社区卫生服务中心	96.38	71.30	73.98	2.04	2.12	1.26	1.31	13.44	13.94	8.34	8.65	—	—	—	—	—	—	—	—	—	—	—	—	—	38920	2170
泰宁县朱口镇卫生院	38.41	28.07	73.08	1.27	3.31	0.31	0.81	7.04	18.33	1.72	4.48	1051.21	194.10	18.46	7.52	0.72	170.18	16.19	156.36	14.87	212.39	20.20	310.66	29.55	46140	8913
泰宁县上青乡卫生院	33.75	24.66	73.07	1.06	3.14	0.25	0.74	6.34	18.79	1.44	4.27	—	—	—	—	—	—	—	—	—	—	—	—	—	30070	11190
泰宁县大田乡卫生院	31.80	22.83	71.79	1.13	3.55	0.21	0.66	6.71	21.10	0.92	2.89	1004.63	175.44	17.46	5.61	0.56	163.50	16.27	145.34	14.47	200.63	19.97	314.11	31.27	28710	9021
泰宁县杉城镇卫生院	41.18	30.78	74.74	1.09	2.65	0.35	0.85	7.20	17.48	1.76	4.27	1066.95	201.34	18.87	6.97	0.65	166.94	15.65	159.73	14.97	213.55	20.02	318.42	29.84	39205	13090
泰宁县下渠乡卫生院	35.64	25.92	72.73	1.19	3.34	0.27	0.76	6.88	19.30	1.38	3.87	—	—	—	—	—	—	—	—	—	—	—	—	—	22580	8620
泰宁县开善乡卫生院	29.37	20.46	69.66	1.03	3.51	0.22	0.75	6.52	22.20	1.14	3.88	—	—	—	—	—	—	—	—	—	—	—	—	—	19640	7550
泰宁县新桥乡卫生院	31.22	22.11	70.82	0.97	3.11	0.24	0.77	6.66	21.33	1.24	3.97	—	—	—	—	—	—	—	—	—	—	—	—	—	21870	5230
泰宁县大布乡卫生院	37.15	27.25	73.35	1.14	3.07	0.29	0.78	6.97	18.76	1.50	4.04	—	—	—	—	—	—	—	—	—	—	—	—	—	23440	10410
泰宁县梅口乡卫生院	34.61	25.04	72.35	1.10	3.18	0.27	0.78	6.73	19.45	1.47	4.25	—	—	—	—	—	—	—	—	—	—	—	—	—	26890	9871
泰宁县杉城镇社区卫生服务中心	42.24	31.91	75.54	1.07	2.53	0.34	0.80	7.13	16.88	1.79	4.24	1068.16	203.79	19.08	8.13	0.76	169.52	15.87	151.79	14.21	210.53	19.71	324.40	30.37	260100	5640
建宁县溪口镇卫生院	73.65	50.82	69.00	2.43	3.30	0.61	0.83	11.86	16.10	7.93	10.77	961.36	275.26	28.63	5.03	0.52	155.47	16.17	7.64	0.79	215.11	22.38	302.85	31.50	24660	11970
建宁县客坊乡卫生院	68.21	46.42	68.06	2.31	3.39	0.51	0.75	12.04	17.65	6.93	10.16	—	—	—	—	—	—	—	—	—	—	—	—	—	18720	9120
建宁县均口镇卫生院	75.84	52.59	69.34	2.20	2.90	0.62	0.82	12.27	16.18	8.16	10.76	947.80	268.91	28.37	4.76	0.50	150.66	15.90	7.08	0.75	211.54	22.32	304.85	32.16	29830	14052
建宁县伊家乡卫生院	64.30	43.48	67.62	2.37	3.69	0.48	0.75	11.42	17.76	6.55	10.19	—	—	—	—	—	—	—	—	—	—	—	—	—	16440	11230
建宁县里心镇卫生院	71.28	48.95	68.67	2.29	3.21	0.57	0.80	11.79	16.54	7.68	10.77	930.45	265.60	28.55	4.88	0.52	147.91	15.90	7.19	0.77	207.42	22.29	297.45	31.97	38710	16520
建宁县黄坊乡卫生院	66.45	45.21	68.04	2.36	3.55	0.50	0.75	11.63	17.50	6.75	10.16	—	—	—	—	—	—	—	—	—	—	—	—	—	17320	10214
建宁县濉溪镇社区卫生服务中心	85.04	60.14	70.72	2.04	2.40	0.66	0.78	12.54	14.75	9.66	11.36	972.34	281.47	28.95	5.17	0.53	158.69	16.32	7.40	0.76	219.94	22.62	299.67	30.82	62370	3120
建宁县溪源乡卫生院	67.92	46.18	67.99	2.32	3.42	0.53	0.78	11.78	17.34	7.11	10.47	—	—	—	—	—	—	—	—	—	—	—	—	—	15860	9426
建宁县三明市第一医院建宁分院	77.25	55.13	71.37	2.21	2.86	0.58	0.75	12.03	15.57	7.30	9.45	872.06	304.49	34.92	4.26	0.49	133.65	15.33	6.21	0.71	211.95	24.30	211.50	24.25	35930	19980
备注：其中门急诊人次数均不含村级及诊所人次
